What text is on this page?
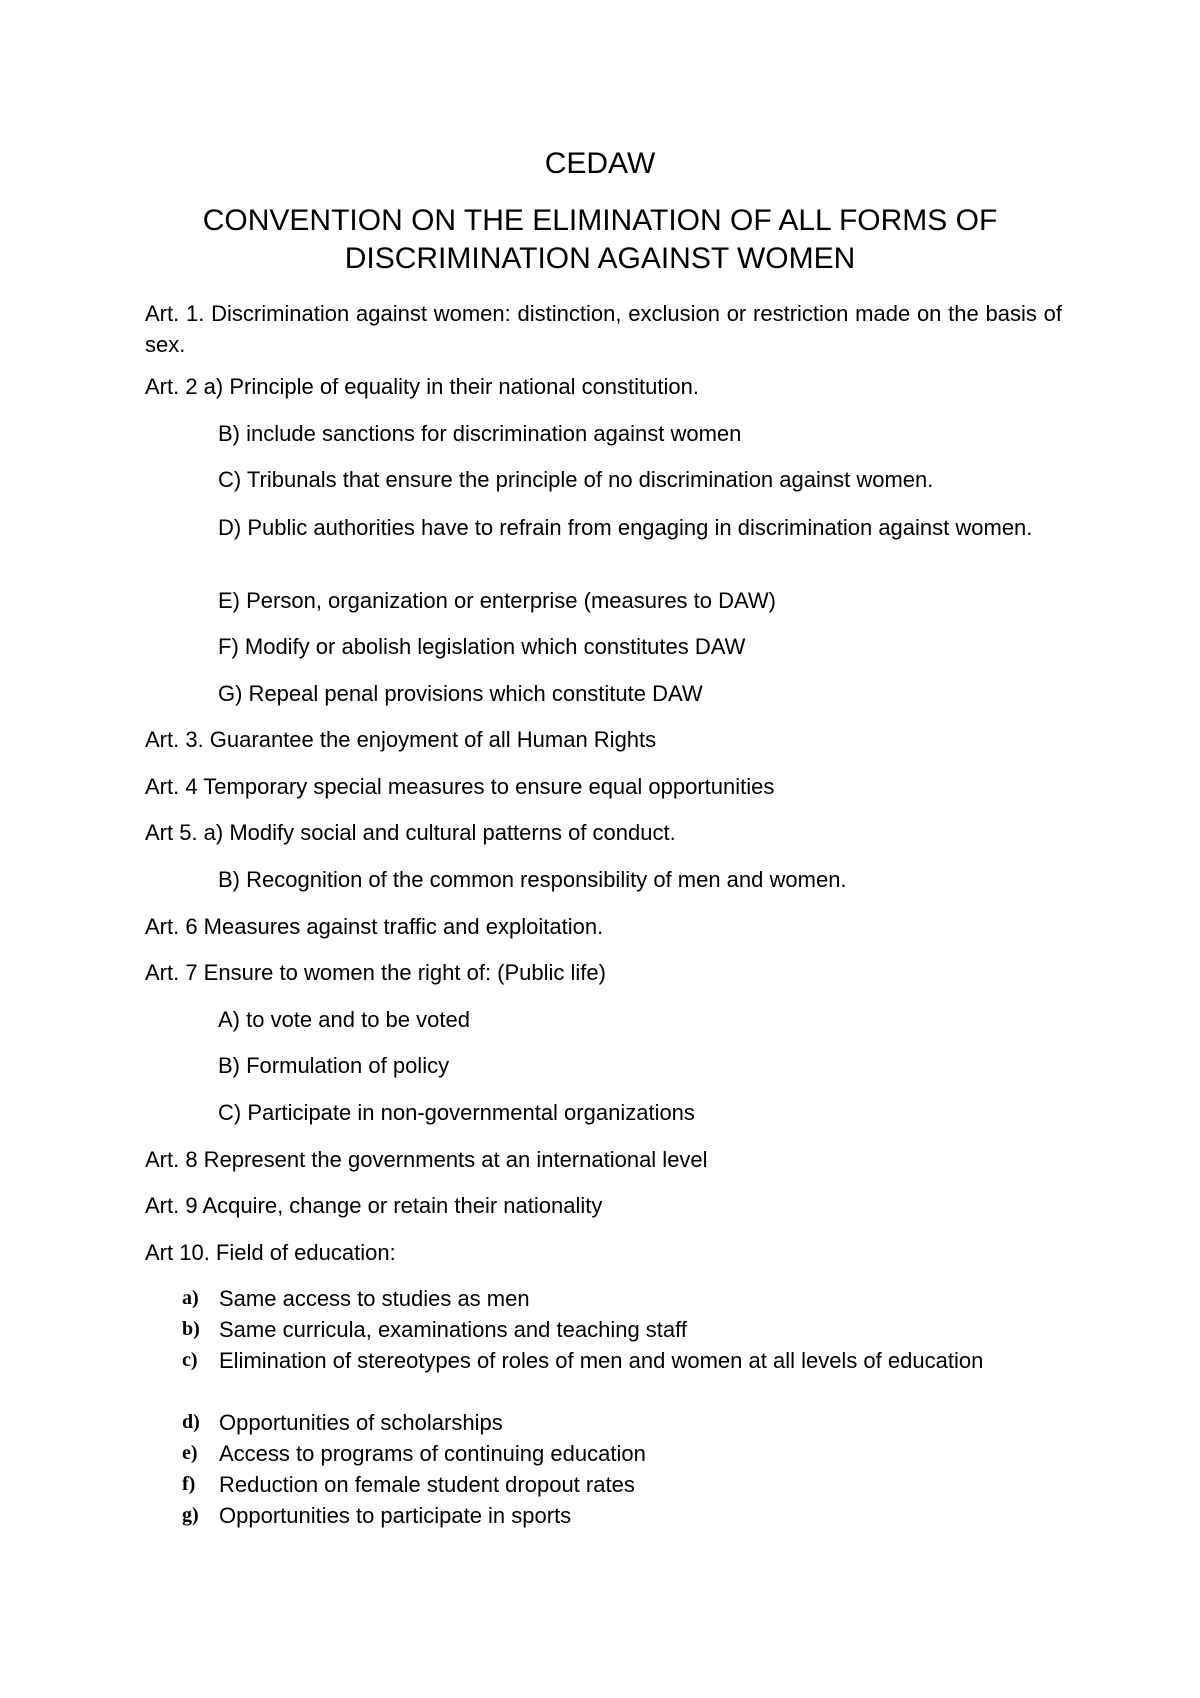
CEDAW
CONVENTION ON THE ELIMINATION OF ALL FORMS OF
DISCRIMINATION AGAINST WOMEN
Art. 1. Discrimination against women: distinction, exclusion or restriction made on the basis of sex.
Art. 2 a) Principle of equality in their national constitution.
B) include sanctions for discrimination against women
C) Tribunals that ensure the principle of no discrimination against women.
D) Public authorities have to refrain from engaging in discrimination against women.
E) Person, organization or enterprise (measures to DAW)
F) Modify or abolish legislation which constitutes DAW
G) Repeal penal provisions which constitute DAW
Art. 3. Guarantee the enjoyment of all Human Rights
Art. 4 Temporary special measures to ensure equal opportunities
Art 5. a) Modify social and cultural patterns of conduct.
B) Recognition of the common responsibility of men and women.
Art. 6 Measures against traffic and exploitation.
Art. 7 Ensure to women the right of: (Public life)
A) to vote and to be voted
B) Formulation of policy
C) Participate in non-governmental organizations
Art. 8 Represent the governments at an international level
Art. 9 Acquire, change or retain their nationality
Art 10. Field of education:
a) Same access to studies as men
b) Same curricula, examinations and teaching staff
c) Elimination of stereotypes of roles of men and women at all levels of education
d) Opportunities of scholarships
e) Access to programs of continuing education
f) Reduction on female student dropout rates
g) Opportunities to participate in sports
